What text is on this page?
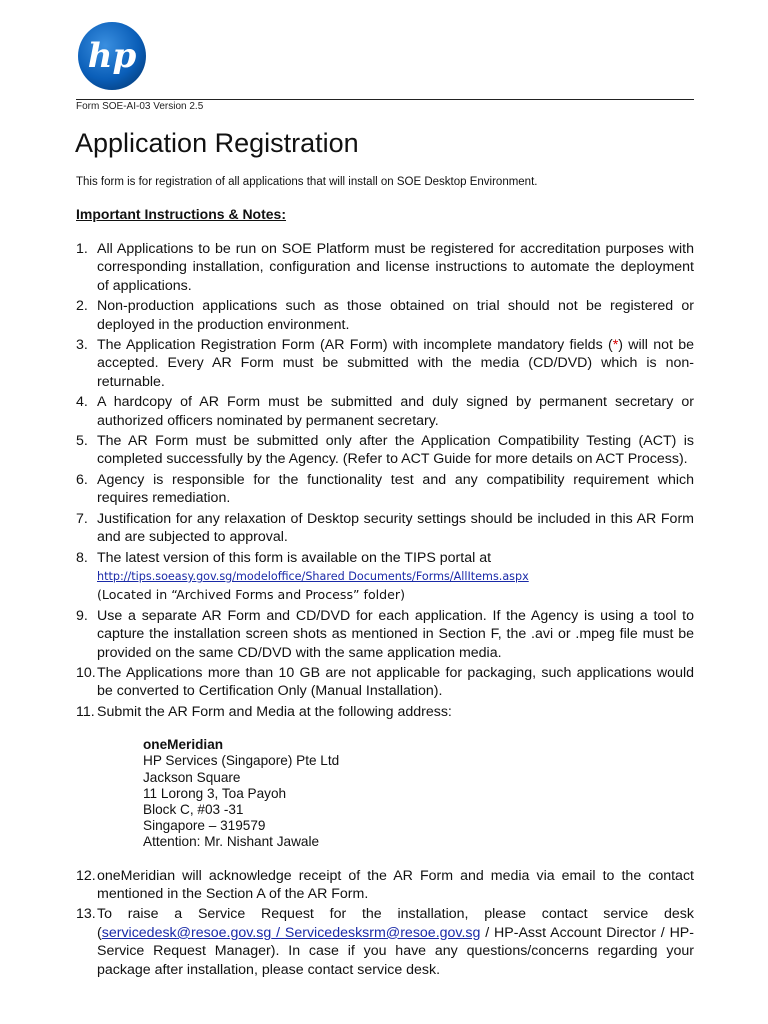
hp
Form SOE-AI-03 Version 2.5
Application Registration

This form is for registration of all applications that will install on SOE Desktop Environment.

Important Instructions & Notes:

1. All Applications to be run on SOE Platform must be registered for accreditation purposes with corresponding installation, configuration and license instructions to automate the deployment of applications.
2. Non-production applications such as those obtained on trial should not be registered or deployed in the production environment.
3. The Application Registration Form (AR Form) with incomplete mandatory fields (*) will not be accepted. Every AR Form must be submitted with the media (CD/DVD) which is non-returnable.
4. A hardcopy of AR Form must be submitted and duly signed by permanent secretary or authorized officers nominated by permanent secretary.
5. The AR Form must be submitted only after the Application Compatibility Testing (ACT) is completed successfully by the Agency. (Refer to ACT Guide for more details on ACT Process).
6. Agency is responsible for the functionality test and any compatibility requirement which requires remediation.
7. Justification for any relaxation of Desktop security settings should be included in this AR Form and are subjected to approval.
8. The latest version of this form is available on the TIPS portal at
http://tips.soeasy.gov.sg/modeloffice/Shared Documents/Forms/AllItems.aspx
(Located in “Archived Forms and Process” folder)
9. Use a separate AR Form and CD/DVD for each application. If the Agency is using a tool to capture the installation screen shots as mentioned in Section F, the .avi or .mpeg file must be provided on the same CD/DVD with the same application media.
10. The Applications more than 10 GB are not applicable for packaging, such applications would be converted to Certification Only (Manual Installation).
11. Submit the AR Form and Media at the following address:
oneMeridian
HP Services (Singapore) Pte Ltd
Jackson Square
11 Lorong 3, Toa Payoh
Block C, #03 -31
Singapore – 319579
Attention: Mr. Nishant Jawale
12. oneMeridian will acknowledge receipt of the AR Form and media via email to the contact mentioned in the Section A of the AR Form.
13. To raise a Service Request for the installation, please contact service desk (servicedesk@resoe.gov.sg / Servicedesksrm@resoe.gov.sg / HP-Asst Account Director / HP-Service Request Manager). In case if you have any questions/concerns regarding your package after installation, please contact service desk.
